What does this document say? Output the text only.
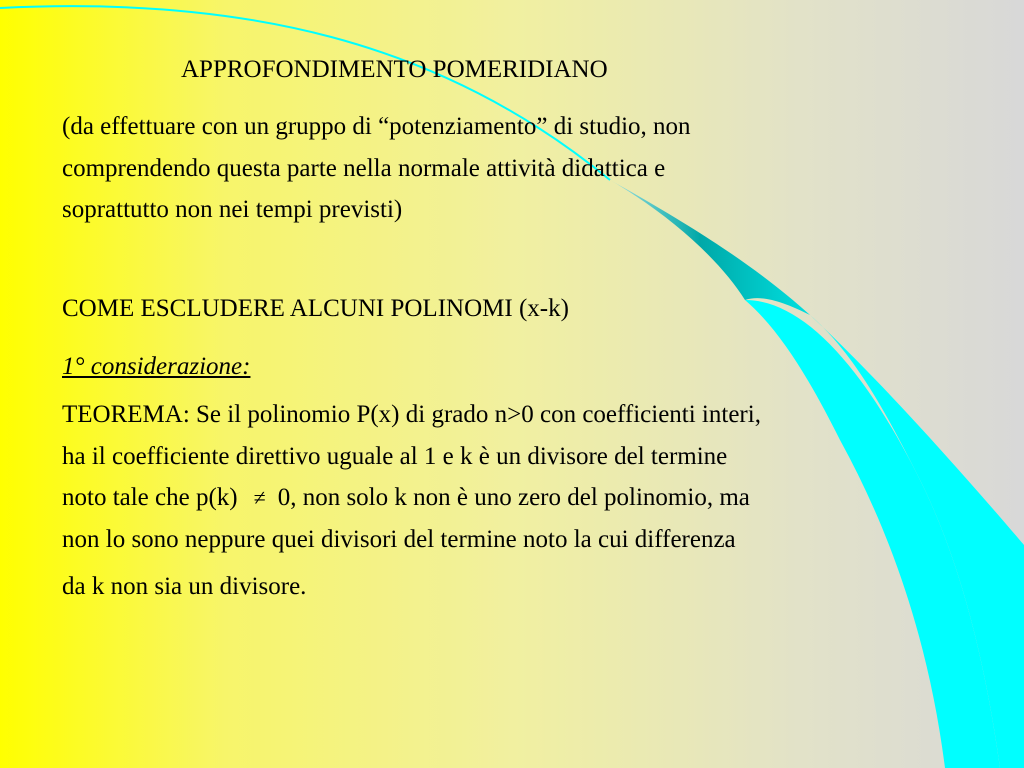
APPROFONDIMENTO POMERIDIANO
(da effettuare con un gruppo di “potenziamento” di studio, non
comprendendo questa parte nella normale attività didattica e
soprattutto non nei tempi previsti)
COME ESCLUDERE ALCUNI POLINOMI (x-k)
1° considerazione:
TEOREMA: Se il polinomio P(x) di grado n>0 con coefficienti interi,
ha il coefficiente direttivo uguale al 1 e k è un divisore del termine
noto tale che p(k) ≠ 0, non solo k non è uno zero del polinomio, ma
non lo sono neppure quei divisori del termine noto la cui differenza
da k non sia un divisore.
